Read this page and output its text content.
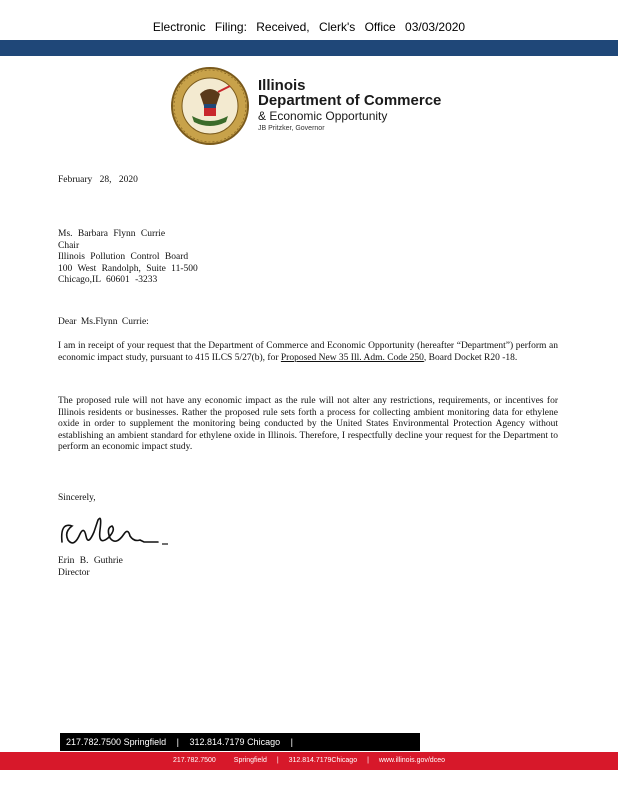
Electronic Filing: Received, Clerk's Office 03/03/2020
Illinois
Department of Commerce
& Economic Opportunity
JB Pritzker, Governor
February 28, 2020
Ms. Barbara Flynn Currie
Chair
Illinois Pollution Control Board
100 West Randolph, Suite 11-500
Chicago,IL 60601 -3233
Dear Ms.Flynn Currie:
I am in receipt of your request that the Department of Commerce and Economic Opportunity (hereafter “Department”) perform an economic impact study, pursuant to 415 ILCS 5/27(b), for Proposed New 35 Ill. Adm. Code 250, Board Docket R20 -18.
The proposed rule will not have any economic impact as the rule will not alter any restrictions, requirements, or incentives for Illinois residents or businesses. Rather the proposed rule sets forth a process for collecting ambient monitoring data for ethylene oxide in order to supplement the monitoring being conducted by the United States Environmental Protection Agency without establishing an ambient standard for ethylene oxide in Illinois. Therefore, I respectfully decline your request for the Department to perform an economic impact study.
Sincerely,
Erin B. Guthrie
Director
217.782.7500 Springfield | 312.814.7179 Chicago |
217.782.7500	Springfield | 312.814.7179Chicago | www.illinois.gov/dceo
